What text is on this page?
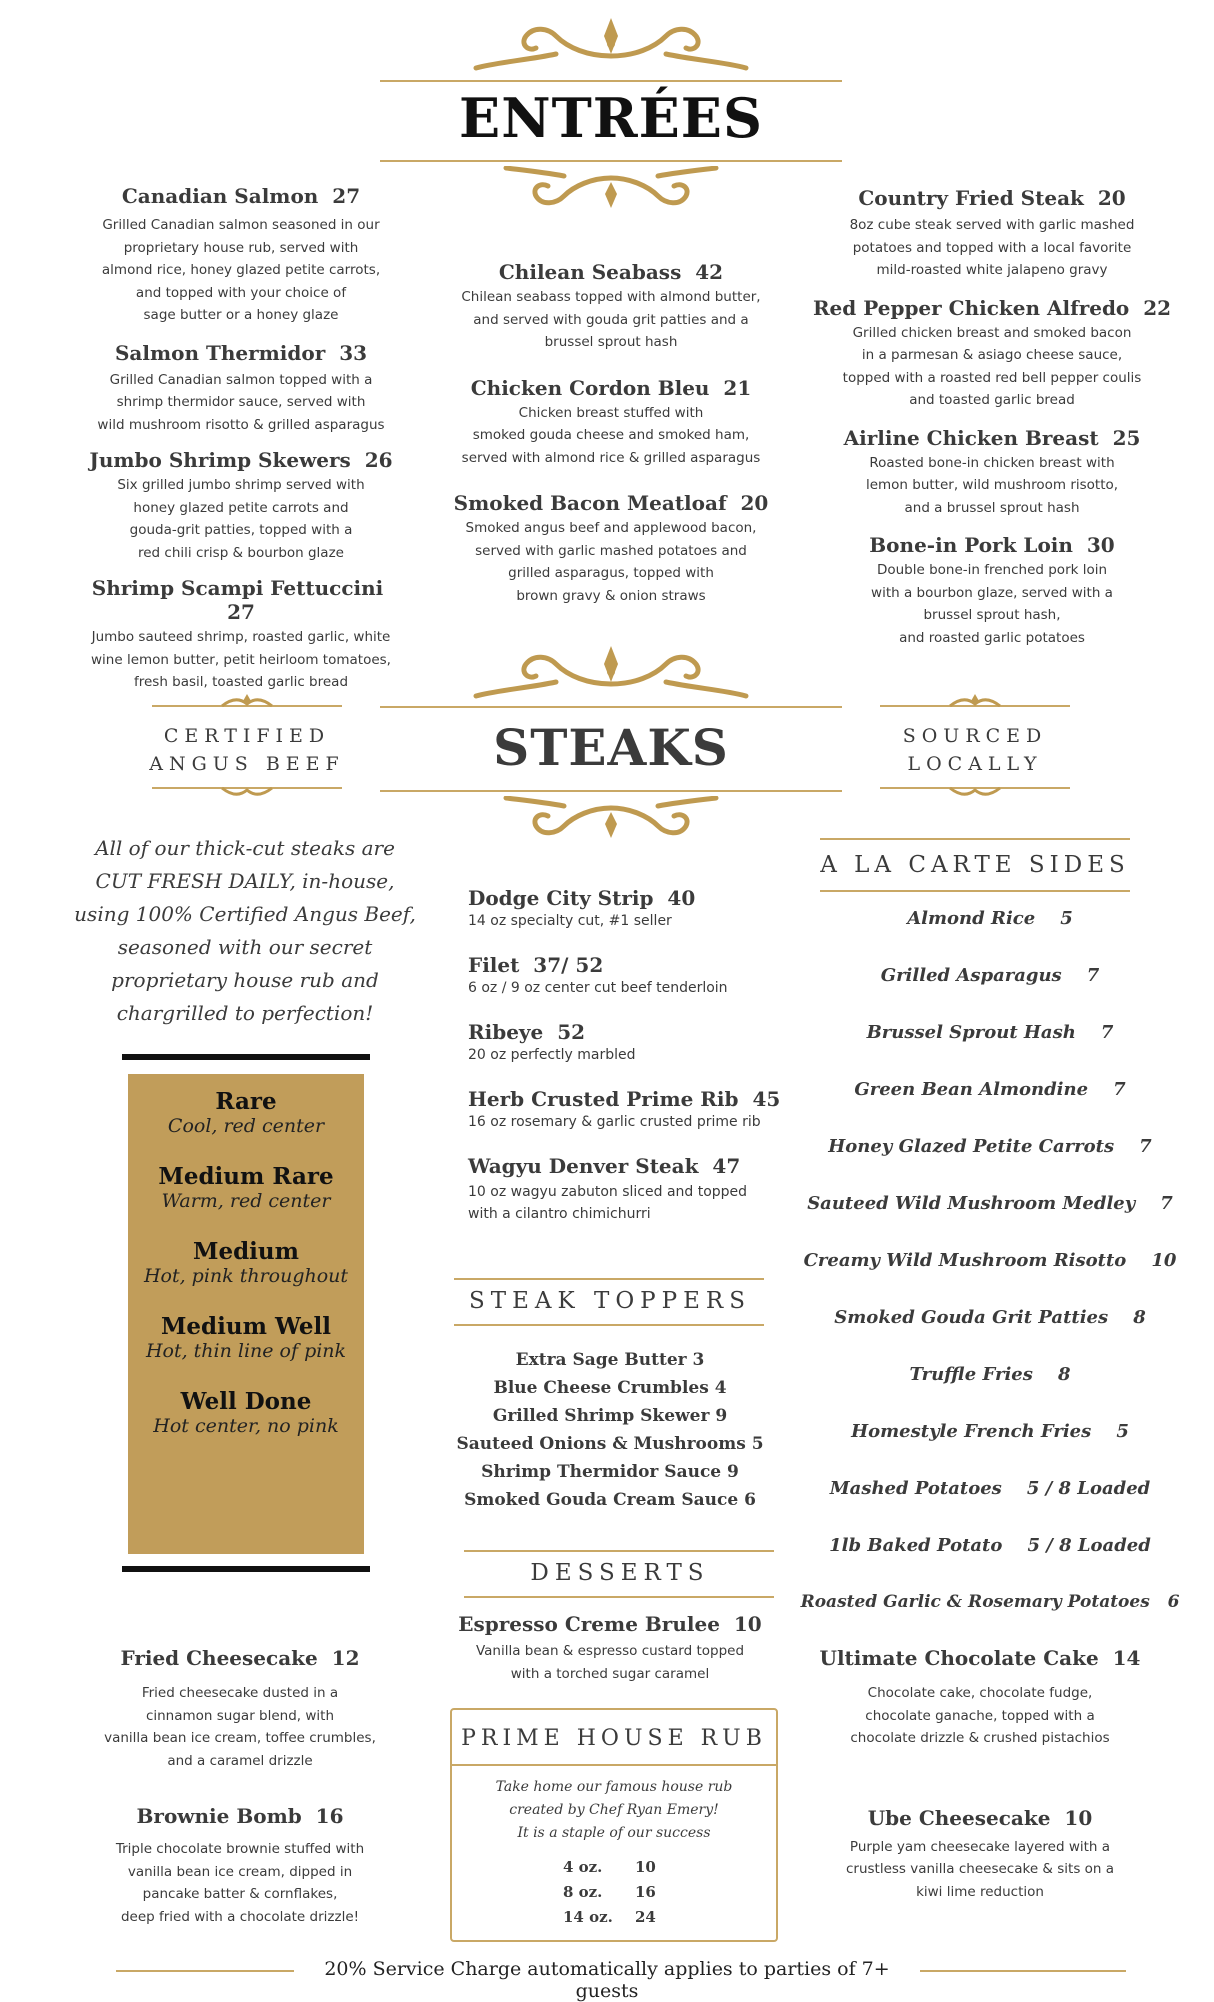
ENTRÉES
Canadian Salmon 27
Grilled Canadian salmon seasoned in our
proprietary house rub, served with
almond rice, honey glazed petite carrots,
and topped with your choice of
sage butter or a honey glaze
Salmon Thermidor 33
Grilled Canadian salmon topped with a
shrimp thermidor sauce, served with
wild mushroom risotto & grilled asparagus
Jumbo Shrimp Skewers 26
Six grilled jumbo shrimp served with
honey glazed petite carrots and
gouda-grit patties, topped with a
red chili crisp & bourbon glaze
Shrimp Scampi Fettuccini  27
Jumbo sauteed shrimp, roasted garlic, white
wine lemon butter, petit heirloom tomatoes,
fresh basil, toasted garlic bread
Chilean Seabass 42
Chilean seabass topped with almond butter,
and served with gouda grit patties and a
brussel sprout hash
Chicken Cordon Bleu 21
Chicken breast stuffed with
smoked gouda cheese and smoked ham,
served with almond rice & grilled asparagus
Smoked Bacon Meatloaf 20
Smoked angus beef and applewood bacon,
served with garlic mashed potatoes and
grilled asparagus, topped with
brown gravy & onion straws
Country Fried Steak 20
8oz cube steak served with garlic mashed
potatoes and topped with a local favorite
mild-roasted white jalapeno gravy
Red Pepper Chicken Alfredo 22
Grilled chicken breast and smoked bacon
in a parmesan & asiago cheese sauce,
topped with a roasted red bell pepper coulis
and toasted garlic bread
Airline Chicken Breast 25
Roasted bone-in chicken breast with
lemon butter, wild mushroom risotto,
and a brussel sprout hash
Bone-in Pork Loin 30
Double bone-in frenched pork loin
with a bourbon glaze, served with a
brussel sprout hash,
and roasted garlic potatoes
STEAKS
CERTIFIED
ANGUS BEEF
SOURCED
LOCALLY
All of our thick-cut steaks are
CUT FRESH DAILY, in-house,
using 100% Certified Angus Beef,
seasoned with our secret
proprietary house rub and
chargrilled to perfection!
Rare
Cool, red center
Medium Rare
Warm, red center
Medium
Hot, pink throughout
Medium Well
Hot, thin line of pink
Well Done
Hot center, no pink
Dodge City Strip 40
14 oz specialty cut, #1 seller
Filet 37/ 52
6 oz / 9 oz center cut beef tenderloin
Ribeye 52
20 oz perfectly marbled
Herb Crusted Prime Rib 45
16 oz rosemary & garlic crusted prime rib
Wagyu Denver Steak 47
10 oz wagyu zabuton sliced and topped
with a cilantro chimichurri
STEAK TOPPERS
Extra Sage Butter 3
Blue Cheese Crumbles 4
Grilled Shrimp Skewer 9
Sauteed Onions & Mushrooms 5
Shrimp Thermidor Sauce 9
Smoked Gouda Cream Sauce 6
DESSERTS
Espresso Creme Brulee 10
Vanilla bean & espresso custard topped
with a torched sugar caramel
PRIME HOUSE RUB
Take home our famous house rub
created by Chef Ryan Emery!
It is a staple of our success
4 oz.	10
8 oz.	16
14 oz.	24
A LA CARTE SIDES
Almond Rice 5
Grilled Asparagus 7
Brussel Sprout Hash 7
Green Bean Almondine 7
Honey Glazed Petite Carrots 7
Sauteed Wild Mushroom Medley 7
Creamy Wild Mushroom Risotto 10
Smoked Gouda Grit Patties 8
Truffle Fries 8
Homestyle French Fries 5
Mashed Potatoes 5 / 8 Loaded
1lb Baked Potato 5 / 8 Loaded
Roasted Garlic & Rosemary Potatoes 6
Fried Cheesecake 12
Fried cheesecake dusted in a
cinnamon sugar blend, with
vanilla bean ice cream, toffee crumbles,
and a caramel drizzle
Brownie Bomb 16
Triple chocolate brownie stuffed with
vanilla bean ice cream, dipped in
pancake batter & cornflakes,
deep fried with a chocolate drizzle!
Ultimate Chocolate Cake 14
Chocolate cake, chocolate fudge,
chocolate ganache, topped with a
chocolate drizzle & crushed pistachios
Ube Cheesecake 10
Purple yam cheesecake layered with a
crustless vanilla cheesecake & sits on a
kiwi lime reduction
20% Service Charge automatically applies to parties of 7+ guests
